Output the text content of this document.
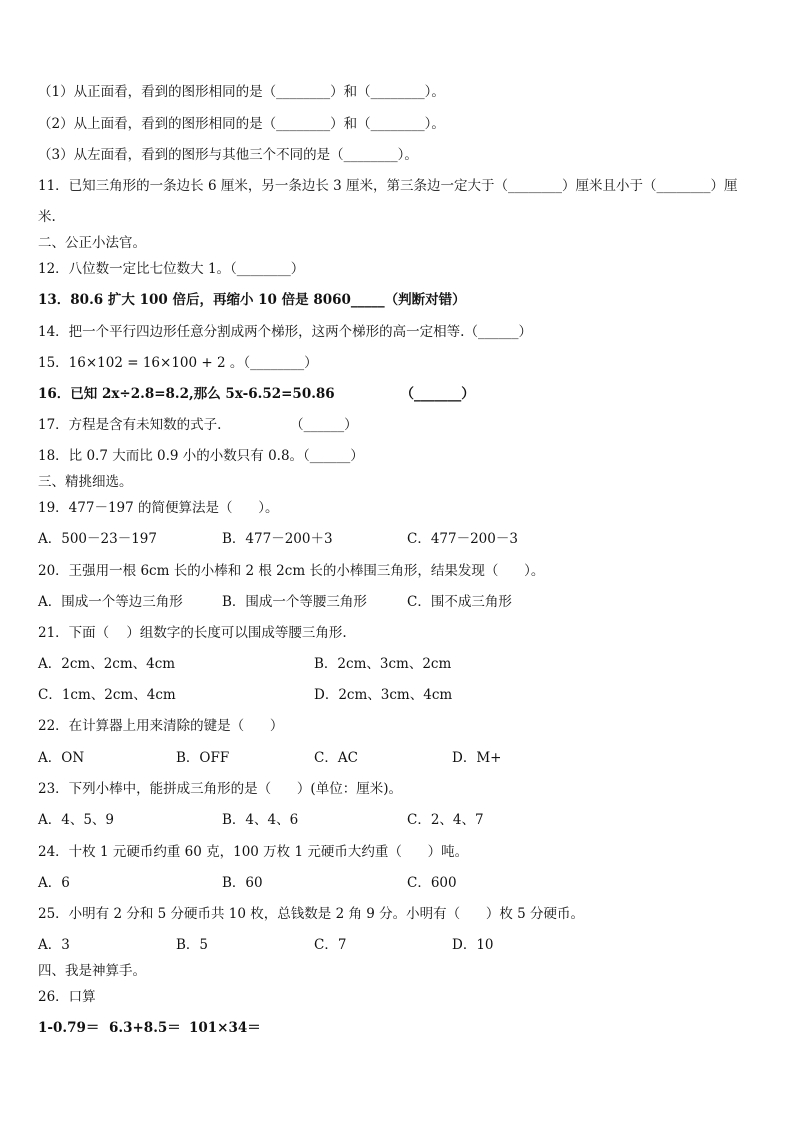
（1）从正面看，看到的图形相同的是（________）和（________）。
（2）从上面看，看到的图形相同的是（________）和（________）。
（3）从左面看，看到的图形与其他三个不同的是（________）。
11．已知三角形的一条边长 6 厘米，另一条边长 3 厘米，第三条边一定大于（________）厘米且小于（________）厘
米.
二、公正小法官。
12．八位数一定比七位数大 1。（________）
13．80.6 扩大 100 倍后，再缩小 10 倍是 8060_____（判断对错）
14．把一个平行四边形任意分割成两个梯形，这两个梯形的高一定相等.（______）
15．16×102 = 16×100 + 2 。（________）
16．已知 2x÷2.8=8.2,那么 5x-6.52=50.86              （_______）
17．方程是含有未知数的式子.                （______）
18．比 0.7 大而比 0.9 小的小数只有 0.8。（______）
三、精挑细选。
19．477－197 的简便算法是（      ）。
A．500－23－197	B．477－200＋3	C．477－200－3
20．王强用一根 6cm 长的小棒和 2 根 2cm 长的小棒围三角形，结果发现（      ）。
A．围成一个等边三角形	B．围成一个等腰三角形	C．围不成三角形
21．下面（    ）组数字的长度可以围成等腰三角形.
A．2cm、2cm、4cm	B．2cm、3cm、2cm
C．1cm、2cm、4cm	D．2cm、3cm、4cm
22．在计算器上用来清除的键是（      ）
A．ON	B．OFF	C．AC	D．M+
23．下列小棒中，能拼成三角形的是（      ）(单位：厘米)。
A．4、5、9	B．4、4、6	C．2、4、7
24．十枚 1 元硬币约重 60 克，100 万枚 1 元硬币大约重（      ）吨。
A．6	B．60	C．600
25．小明有 2 分和 5 分硬币共 10 枚，总钱数是 2 角 9 分。小明有（      ）枚 5 分硬币。
A．3	B．5	C．7	D．10
四、我是神算手。
26．口算
1-0.79＝ 6.3+8.5＝ 101×34＝
